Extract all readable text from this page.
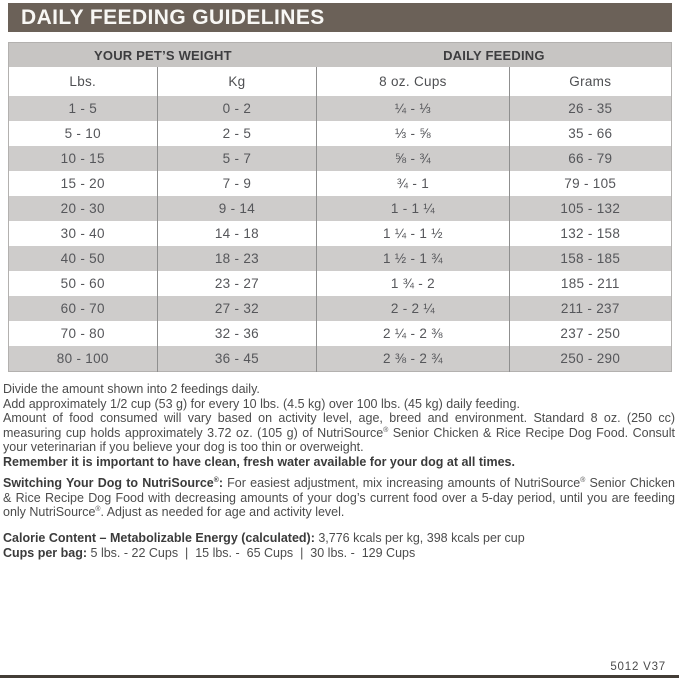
DAILY FEEDING GUIDELINES
YOUR PET’S WEIGHT		DAILY FEEDING	
Lbs.	Kg	8 oz. Cups	Grams
1 - 5	0 - 2	¼ - ⅓	26 - 35
5 - 10	2 - 5	⅓ - ⅝	35 - 66
10 - 15	5 - 7	⅝ - ¾	66 - 79
15 - 20	7 - 9	¾ - 1	79 - 105
20 - 30	9 - 14	1 - 1 ¼	105 - 132
30 - 40	14 - 18	1 ¼ - 1 ½	132 - 158
40 - 50	18 - 23	1 ½ - 1 ¾	158 - 185
50 - 60	23 - 27	1 ¾ - 2	185 - 211
60 - 70	27 - 32	2 - 2 ¼	211 - 237
70 - 80	32 - 36	2 ¼ - 2 ⅜	237 - 250
80 - 100	36 - 45	2 ⅜ - 2 ¾	250 - 290

Divide the amount shown into 2 feedings daily.

Add approximately 1/2 cup (53 g) for every 10 lbs. (4.5 kg) over 100 lbs. (45 kg) daily feeding.

Amount of food consumed will vary based on activity level, age, breed and environment. Standard 8 oz. (250 cc) measuring cup holds approximately 3.72 oz. (105 g) of NutriSource® Senior Chicken & Rice Recipe Dog Food. Consult your veterinarian if you believe your dog is too thin or overweight.

Remember it is important to have clean, fresh water available for your dog at all times.

Switching Your Dog to NutriSource®: For easiest adjustment, mix increasing amounts of NutriSource® Senior Chicken & Rice Recipe Dog Food with decreasing amounts of your dog’s current food over a 5-day period, until you are feeding only NutriSource®. Adjust as needed for age and activity level.

Calorie Content – Metabolizable Energy (calculated): 3,776 kcals per kg, 398 kcals per cup

Cups per bag: 5 lbs. - 22 Cups  |  15 lbs. -  65 Cups  |  30 lbs. -  129 Cups

5012 V37
